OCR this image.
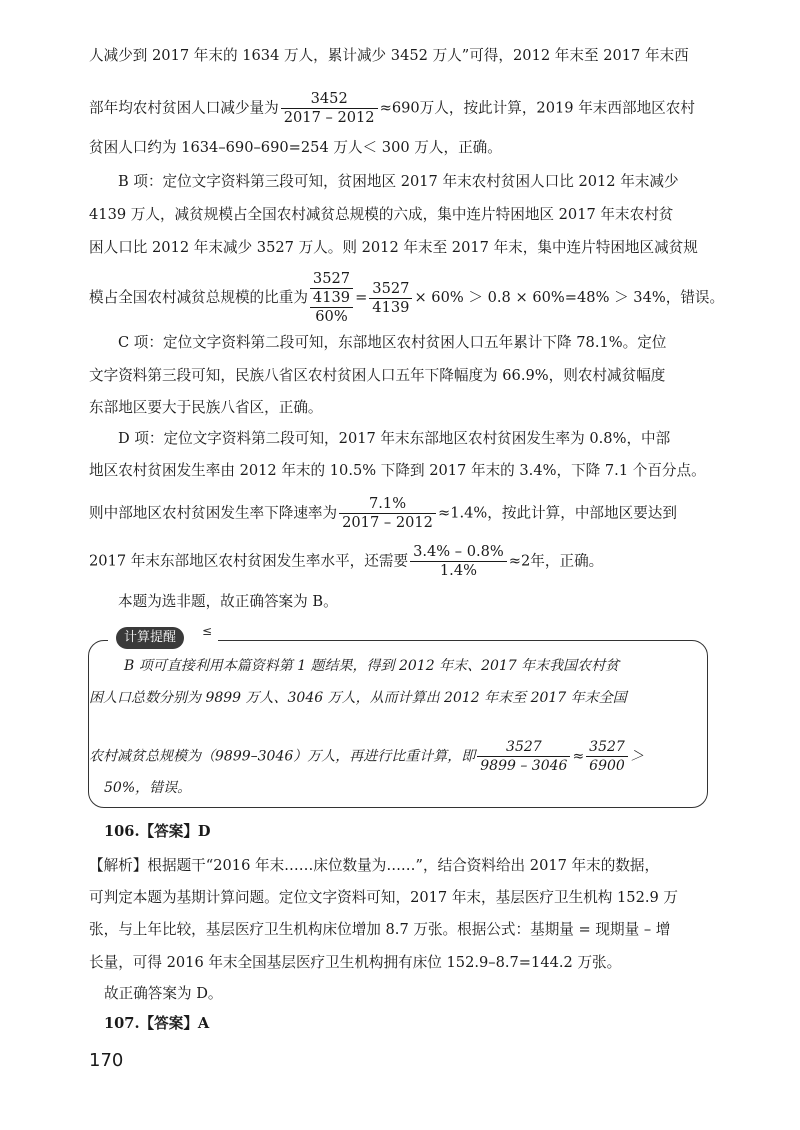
人减少到 2017 年末的 1634 万人，累计减少 3452 万人”可得，2012 年末至 2017 年末西
部年均农村贫困人口减少量为 $\frac{3452}{2017 - 2012} \approx 690$万人，按此计算，2019 年末西部地区农村
贫困人口约为 1634–690–690=254 万人＜ 300 万人，正确。
B 项：定位文字资料第三段可知，贫困地区 2017 年末农村贫困人口比 2012 年末减少
4139 万人，减贫规模占全国农村减贫总规模的六成，集中连片特困地区 2017 年末农村贫
困人口比 2012 年末减少 3527 万人。则 2012 年末至 2017 年末，集中连片特困地区减贫规
模占全国农村减贫总规模的比重为
3527
4139
60%
= $\frac{3527}{4139} \times 60\% > 0.8 \times 60\%=48\% > 34\%$，错误。
C 项：定位文字资料第二段可知，东部地区农村贫困人口五年累计下降 78.1%。定位
文字资料第三段可知，民族八省区农村贫困人口五年下降幅度为 66.9%，则农村减贫幅度
东部地区要大于民族八省区，正确。
D 项：定位文字资料第二段可知，2017 年末东部地区农村贫困发生率为 0.8%，中部
地区农村贫困发生率由 2012 年末的 10.5% 下降到 2017 年末的 3.4%，下降 7.1 个百分点。
则中部地区农村贫困发生率下降速率为 $\frac{7.1\%}{2017 - 2012} \approx 1.4\%$，按此计算，中部地区要达到
2017 年末东部地区农村贫困发生率水平，还需要 $\frac{3.4\% - 0.8\%}{1.4\%} \approx 2$年，正确。
本题为选非题，故正确答案为 B。
计算提醒	≤
B 项可直接利用本篇资料第 1 题结果，得到 2012 年末、2017 年末我国农村贫
困人口总数分别为 9899 万人、3046 万人，从而计算出 2012 年末至 2017 年末全国
农村减贫总规模为（9899–3046）万人，再进行比重计算，即 $\frac{3527}{9899 - 3046} \approx \frac{3527}{6900}$ ＞
50%，错误。
106.【答案】D
【解析】根据题干“2016 年末……床位数量为……”，结合资料给出 2017 年末的数据，
可判定本题为基期计算问题。定位文字资料可知，2017 年末，基层医疗卫生机构 152.9 万
张，与上年比较，基层医疗卫生机构床位增加 8.7 万张。根据公式：基期量 = 现期量 – 增
长量，可得 2016 年末全国基层医疗卫生机构拥有床位 152.9–8.7=144.2 万张。
故正确答案为 D。
107.【答案】A
170
